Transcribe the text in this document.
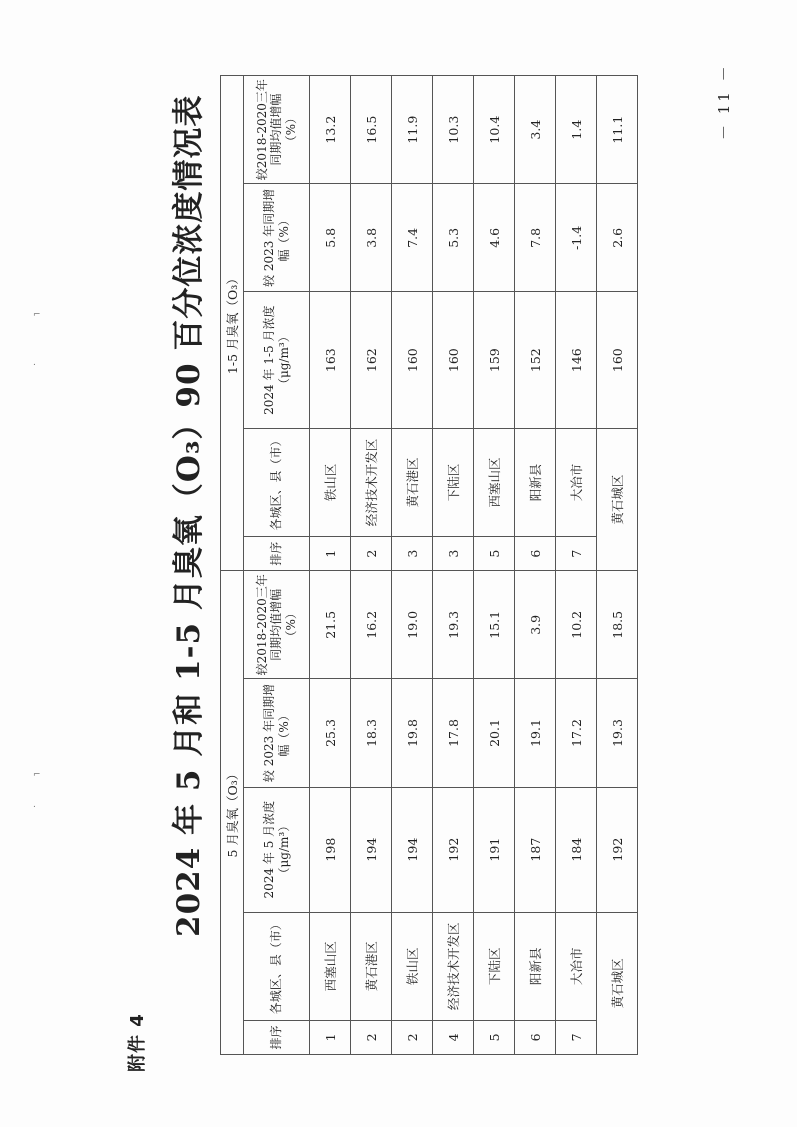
.
⌐
.
⌐
附件 4
2024 年 5 月和 1-5 月臭氧（O₃）90 百分位浓度情况表	－ 11 －
5 月臭氧（O₃）					1-5 月臭氧（O₃）				
排序	各城区、县（市）	2024 年 5 月浓度（μg/m³）	较 2023 年同期增幅（%）	较2018-2020三年同期均值增幅（%）	排序	各城区、县（市）	2024 年 1-5 月浓度（μg/m³）	较 2023 年同期增幅（%）	较2018-2020三年同期均值增幅（%）
1	西塞山区	198	25.3	21.5	1	铁山区	163	5.8	13.2
2	黄石港区	194	18.3	16.2	2	经济技术开发区	162	3.8	16.5
2	铁山区	194	19.8	19.0	3	黄石港区	160	7.4	11.9
4	经济技术开发区	192	17.8	19.3	3	下陆区	160	5.3	10.3
5	下陆区	191	20.1	15.1	5	西塞山区	159	4.6	10.4
6	阳新县	187	19.1	3.9	6	阳新县	152	7.8	3.4
7	大冶市	184	17.2	10.2	7	大冶市	146	-1.4	1.4
黄石城区		192	19.3	18.5	黄石城区		160	2.6	11.1
